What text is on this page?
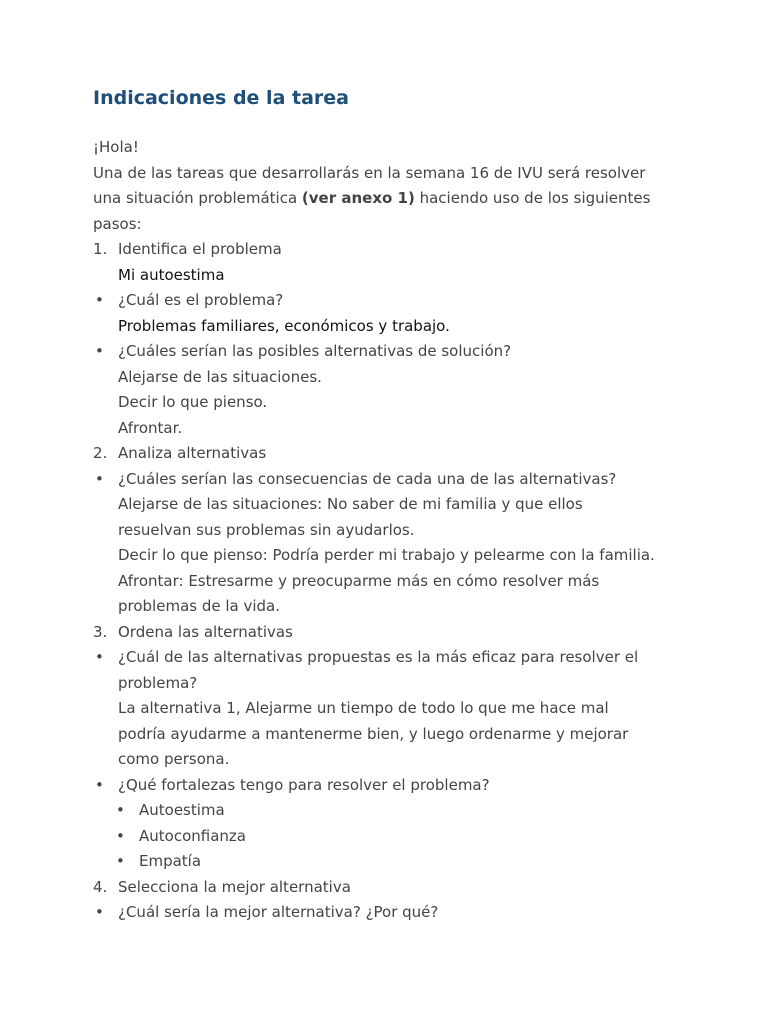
Indicaciones de la tarea
¡Hola!
Una de las tareas que desarrollarás en la semana 16 de IVU será resolver una situación problemática (ver anexo 1) haciendo uso de los siguientes pasos:
1. Identifica el problema
Mi autoestima
• ¿Cuál es el problema?
Problemas familiares, económicos y trabajo.
• ¿Cuáles serían las posibles alternativas de solución?
Alejarse de las situaciones.
Decir lo que pienso.
Afrontar.
2. Analiza alternativas
• ¿Cuáles serían las consecuencias de cada una de las alternativas?
Alejarse de las situaciones: No saber de mi familia y que ellos resuelvan sus problemas sin ayudarlos.
Decir lo que pienso: Podría perder mi trabajo y pelearme con la familia.
Afrontar: Estresarme y preocuparme más en cómo resolver más problemas de la vida.
3. Ordena las alternativas
• ¿Cuál de las alternativas propuestas es la más eficaz para resolver el problema?
La alternativa 1, Alejarme un tiempo de todo lo que me hace mal podría ayudarme a mantenerme bien, y luego ordenarme y mejorar como persona.
• ¿Qué fortalezas tengo para resolver el problema?
• Autoestima
• Autoconfianza
• Empatía
4. Selecciona la mejor alternativa
• ¿Cuál sería la mejor alternativa? ¿Por qué?
